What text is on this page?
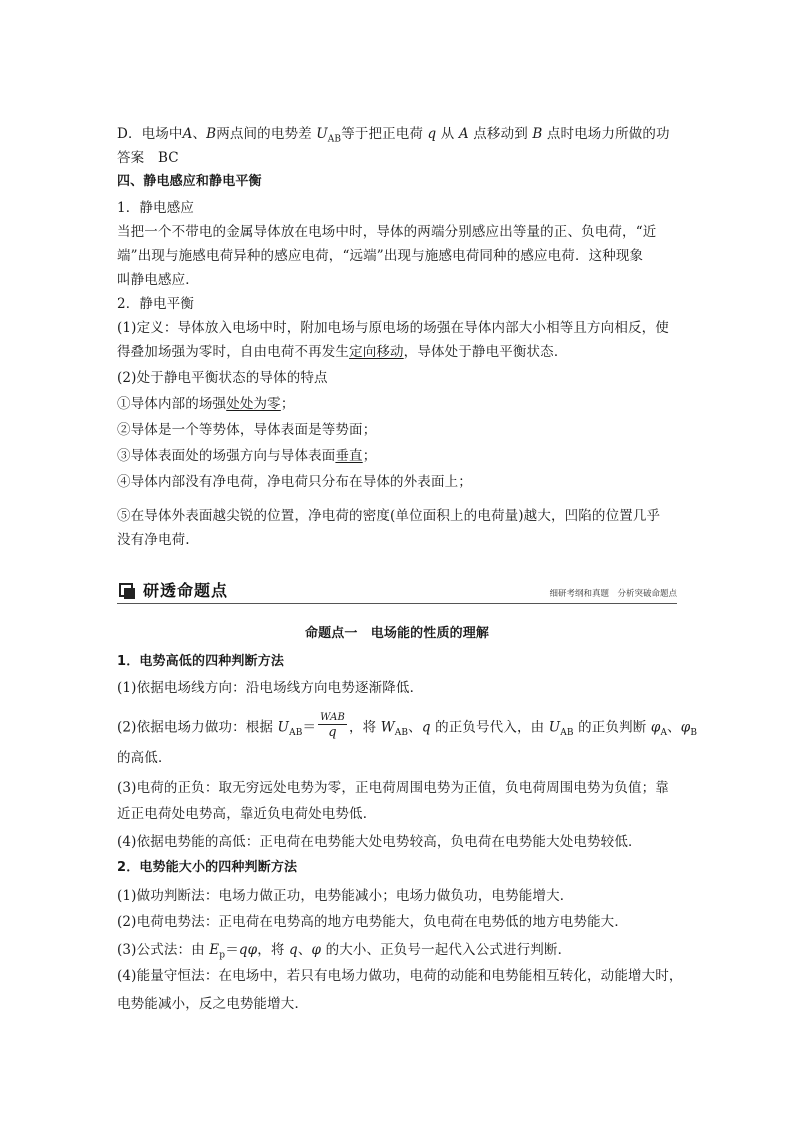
D．电场中A、B两点间的电势差 $U_{AB}$等于把正电荷 q 从 A 点移动到 B 点时电场力所做的功
答案　BC
四、静电感应和静电平衡
1．静电感应
当把一个不带电的金属导体放在电场中时，导体的两端分别感应出等量的正、负电荷，“近
端”出现与施感电荷异种的感应电荷，“远端”出现与施感电荷同种的感应电荷．这种现象
叫静电感应．
2．静电平衡
(1)定义：导体放入电场中时，附加电场与原电场的场强在导体内部大小相等且方向相反，使
得叠加场强为零时，自由电荷不再发生定向移动，导体处于静电平衡状态．
(2)处于静电平衡状态的导体的特点
①导体内部的场强处处为零；
②导体是一个等势体，导体表面是等势面；
③导体表面处的场强方向与导体表面垂直；
④导体内部没有净电荷，净电荷只分布在导体的外表面上；
⑤在导体外表面越尖锐的位置，净电荷的密度(单位面积上的电荷量)越大，凹陷的位置几乎
没有净电荷.
研透命题点	细研考纲和真题　分析突破命题点
命题点一　电场能的性质的理解
1．电势高低的四种判断方法
(1)依据电场线方向：沿电场线方向电势逐渐降低．
(2)依据电场力做功：根据 $U_{AB}= \frac{\text{WAB}}{q}$ ，将 $W_{AB}$、q 的正负号代入，由 $U_{AB}$ 的正负判断 $\varphi_A$、$\varphi_B$
的高低．
(3)电荷的正负：取无穷远处电势为零，正电荷周围电势为正值，负电荷周围电势为负值；靠
近正电荷处电势高，靠近负电荷处电势低．
(4)依据电势能的高低：正电荷在电势能大处电势较高，负电荷在电势能大处电势较低．
2．电势能大小的四种判断方法
(1)做功判断法：电场力做正功，电势能减小；电场力做负功，电势能增大．
(2)电荷电势法：正电荷在电势高的地方电势能大，负电荷在电势低的地方电势能大．
(3)公式法：由 $E_p=q\varphi$，将 q、φ 的大小、正负号一起代入公式进行判断．
(4)能量守恒法：在电场中，若只有电场力做功，电荷的动能和电势能相互转化，动能增大时，
电势能减小，反之电势能增大．
